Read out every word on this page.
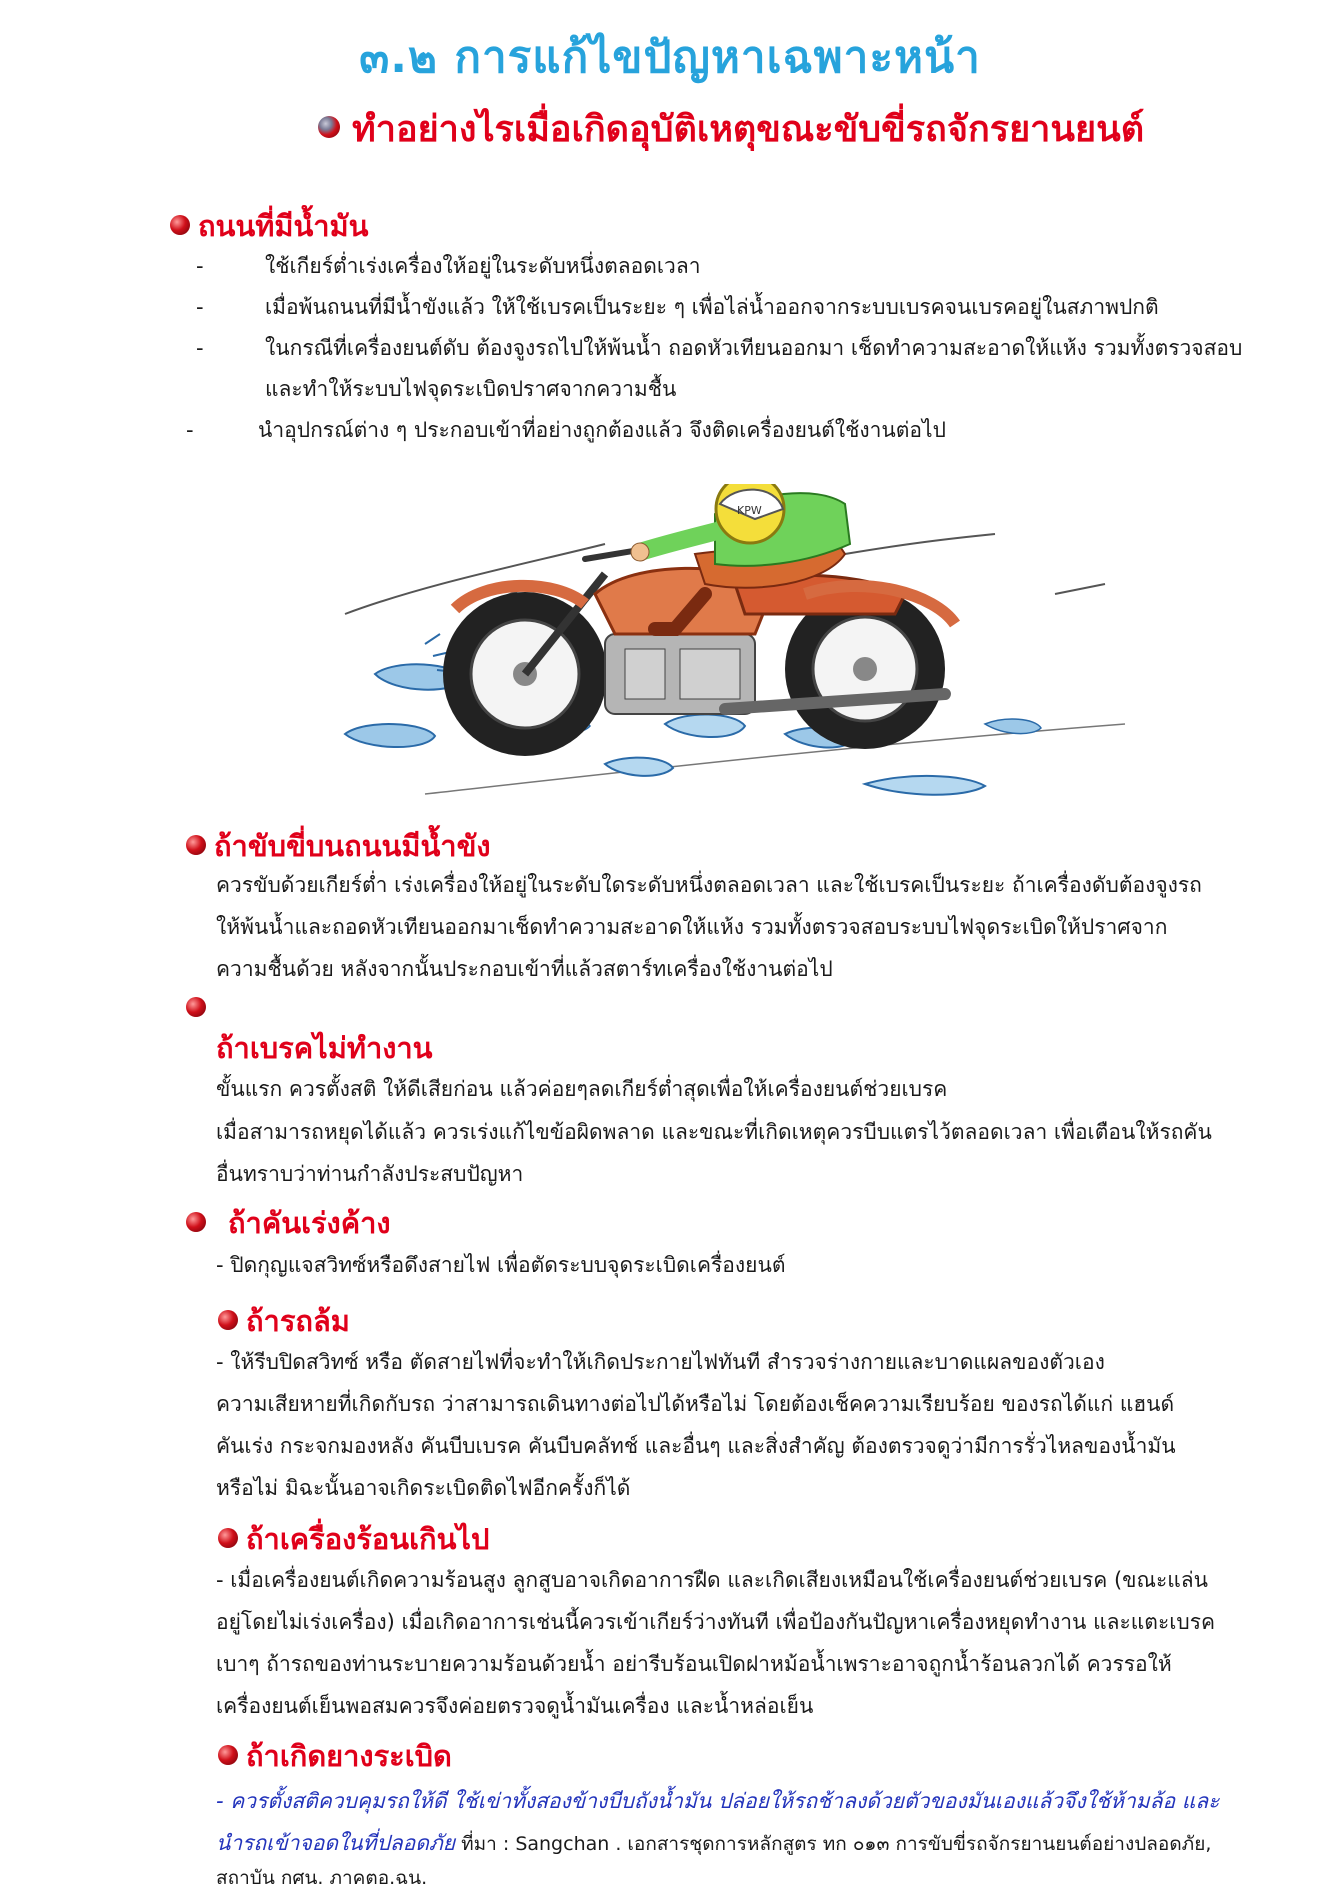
๓.๒ การแก้ไขปัญหาเฉพาะหน้า
ทำอย่างไรเมื่อเกิดอุบัติเหตุขณะขับขี่รถจักรยานยนต์
ถนนที่มีน้ำมัน
-	ใช้เกียร์ต่ำเร่งเครื่องให้อยู่ในระดับหนึ่งตลอดเวลา
-	เมื่อพ้นถนนที่มีน้ำขังแล้ว ให้ใช้เบรคเป็นระยะ ๆ เพื่อไล่น้ำออกจากระบบเบรคจนเบรคอยู่ในสภาพปกติ
-	ในกรณีที่เครื่องยนต์ดับ ต้องจูงรถไปให้พ้นน้ำ ถอดหัวเทียนออกมา เช็ดทำความสะอาดให้แห้ง รวมทั้งตรวจสอบ
และทำให้ระบบไฟจุดระเบิดปราศจากความชื้น
-	นำอุปกรณ์ต่าง ๆ ประกอบเข้าที่อย่างถูกต้องแล้ว จึงติดเครื่องยนต์ใช้งานต่อไป
KPW
ถ้าขับขี่บนถนนมีน้ำขัง
ควรขับด้วยเกียร์ต่ำ เร่งเครื่องให้อยู่ในระดับใดระดับหนึ่งตลอดเวลา และใช้เบรคเป็นระยะ ถ้าเครื่องดับต้องจูงรถ
ให้พ้นน้ำและถอดหัวเทียนออกมาเช็ดทำความสะอาดให้แห้ง รวมทั้งตรวจสอบระบบไฟจุดระเบิดให้ปราศจาก
ความชื้นด้วย หลังจากนั้นประกอบเข้าที่แล้วสตาร์ทเครื่องใช้งานต่อไป
ถ้าเบรคไม่ทำงาน
ขั้นแรก ควรตั้งสติ ให้ดีเสียก่อน แล้วค่อยๆลดเกียร์ต่ำสุดเพื่อให้เครื่องยนต์ช่วยเบรค
เมื่อสามารถหยุดได้แล้ว ควรเร่งแก้ไขข้อผิดพลาด และขณะที่เกิดเหตุควรบีบแตรไว้ตลอดเวลา เพื่อเตือนให้รถคัน
อื่นทราบว่าท่านกำลังประสบปัญหา
ถ้าคันเร่งค้าง
- ปิดกุญแจสวิทซ์หรือดึงสายไฟ เพื่อตัดระบบจุดระเบิดเครื่องยนต์
ถ้ารถล้ม
- ให้รีบปิดสวิทซ์ หรือ ตัดสายไฟที่จะทำให้เกิดประกายไฟทันที สำรวจร่างกายและบาดแผลของตัวเอง
ความเสียหายที่เกิดกับรถ ว่าสามารถเดินทางต่อไปได้หรือไม่ โดยต้องเช็คความเรียบร้อย ของรถได้แก่ แฮนด์
คันเร่ง กระจกมองหลัง คันบีบเบรค คันบีบคลัทช์ และอื่นๆ และสิ่งสำคัญ ต้องตรวจดูว่ามีการรั่วไหลของน้ำมัน
หรือไม่ มิฉะนั้นอาจเกิดระเบิดติดไฟอีกครั้งก็ได้
ถ้าเครื่องร้อนเกินไป
- เมื่อเครื่องยนต์เกิดความร้อนสูง ลูกสูบอาจเกิดอาการฝืด และเกิดเสียงเหมือนใช้เครื่องยนต์ช่วยเบรค (ขณะแล่น
อยู่โดยไม่เร่งเครื่อง) เมื่อเกิดอาการเช่นนี้ควรเข้าเกียร์ว่างทันที เพื่อป้องกันปัญหาเครื่องหยุดทำงาน และแตะเบรค
เบาๆ ถ้ารถของท่านระบายความร้อนด้วยน้ำ อย่ารีบร้อนเปิดฝาหม้อน้ำเพราะอาจถูกน้ำร้อนลวกได้ ควรรอให้
เครื่องยนต์เย็นพอสมควรจึงค่อยตรวจดูน้ำมันเครื่อง และน้ำหล่อเย็น
ถ้าเกิดยางระเบิด
- ควรตั้งสติควบคุมรถให้ดี ใช้เข่าทั้งสองข้างบีบถังน้ำมัน ปล่อยให้รถช้าลงด้วยตัวของมันเองแล้วจึงใช้ห้ามล้อ และ
นำรถเข้าจอดในที่ปลอดภัย ที่มา : Sangchan . เอกสารชุดการหลักสูตร ทก ๐๑๓ การขับขี่รถจักรยานยนต์อย่างปลอดภัย,
สถาบัน กศน. ภาคตอ.ฉน.
